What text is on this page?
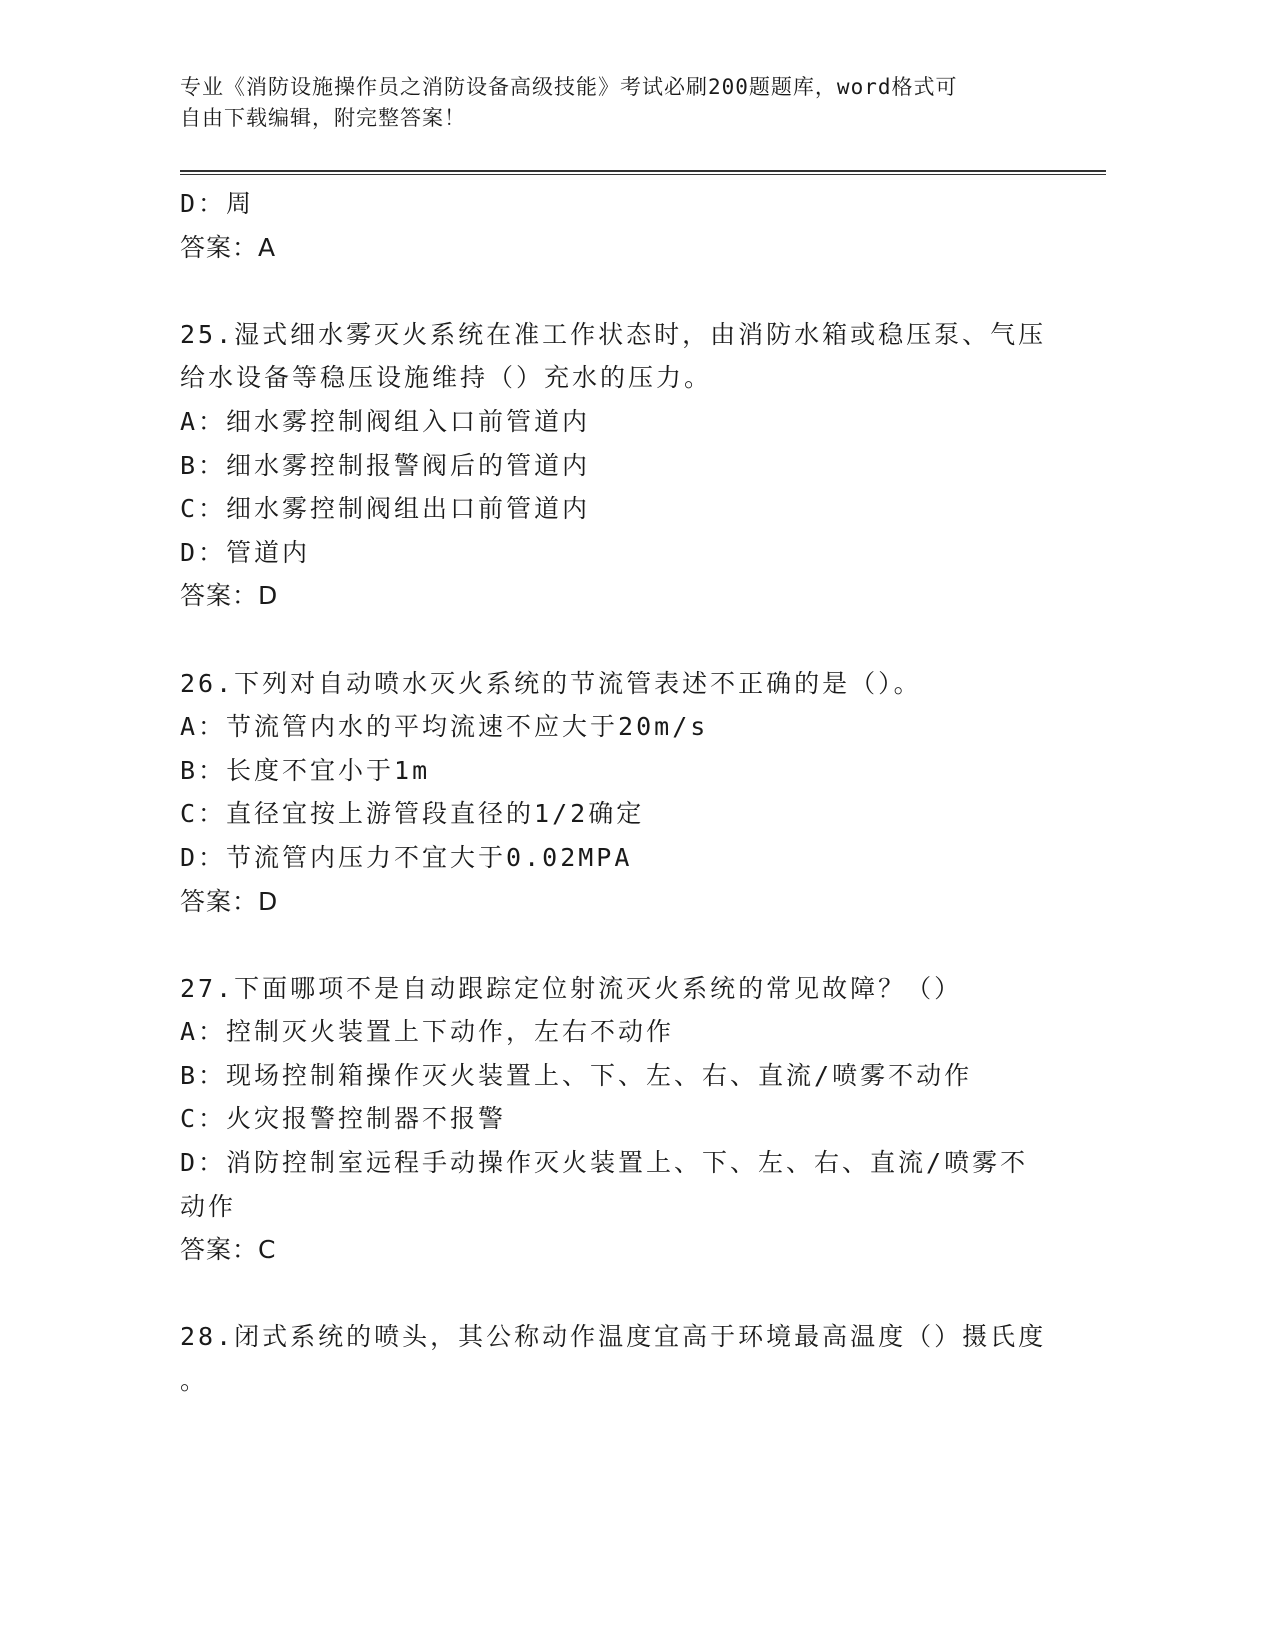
专业《消防设施操作员之消防设备高级技能》考试必刷200题题库，word格式可
自由下载编辑，附完整答案！
D：周
答案：A
25.湿式细水雾灭火系统在准工作状态时，由消防水箱或稳压泵、气压
给水设备等稳压设施维持（）充水的压力。
A：细水雾控制阀组入口前管道内
B：细水雾控制报警阀后的管道内
C：细水雾控制阀组出口前管道内
D：管道内
答案：D
26.下列对自动喷水灭火系统的节流管表述不正确的是（）。
A：节流管内水的平均流速不应大于20m/s
B：长度不宜小于1m
C：直径宜按上游管段直径的1/2确定
D：节流管内压力不宜大于0.02MPA
答案：D
27.下面哪项不是自动跟踪定位射流灭火系统的常见故障？（）
A：控制灭火装置上下动作，左右不动作
B：现场控制箱操作灭火装置上、下、左、右、直流/喷雾不动作
C：火灾报警控制器不报警
D：消防控制室远程手动操作灭火装置上、下、左、右、直流/喷雾不
动作
答案：C
28.闭式系统的喷头，其公称动作温度宜高于环境最高温度（）摄氏度
。
